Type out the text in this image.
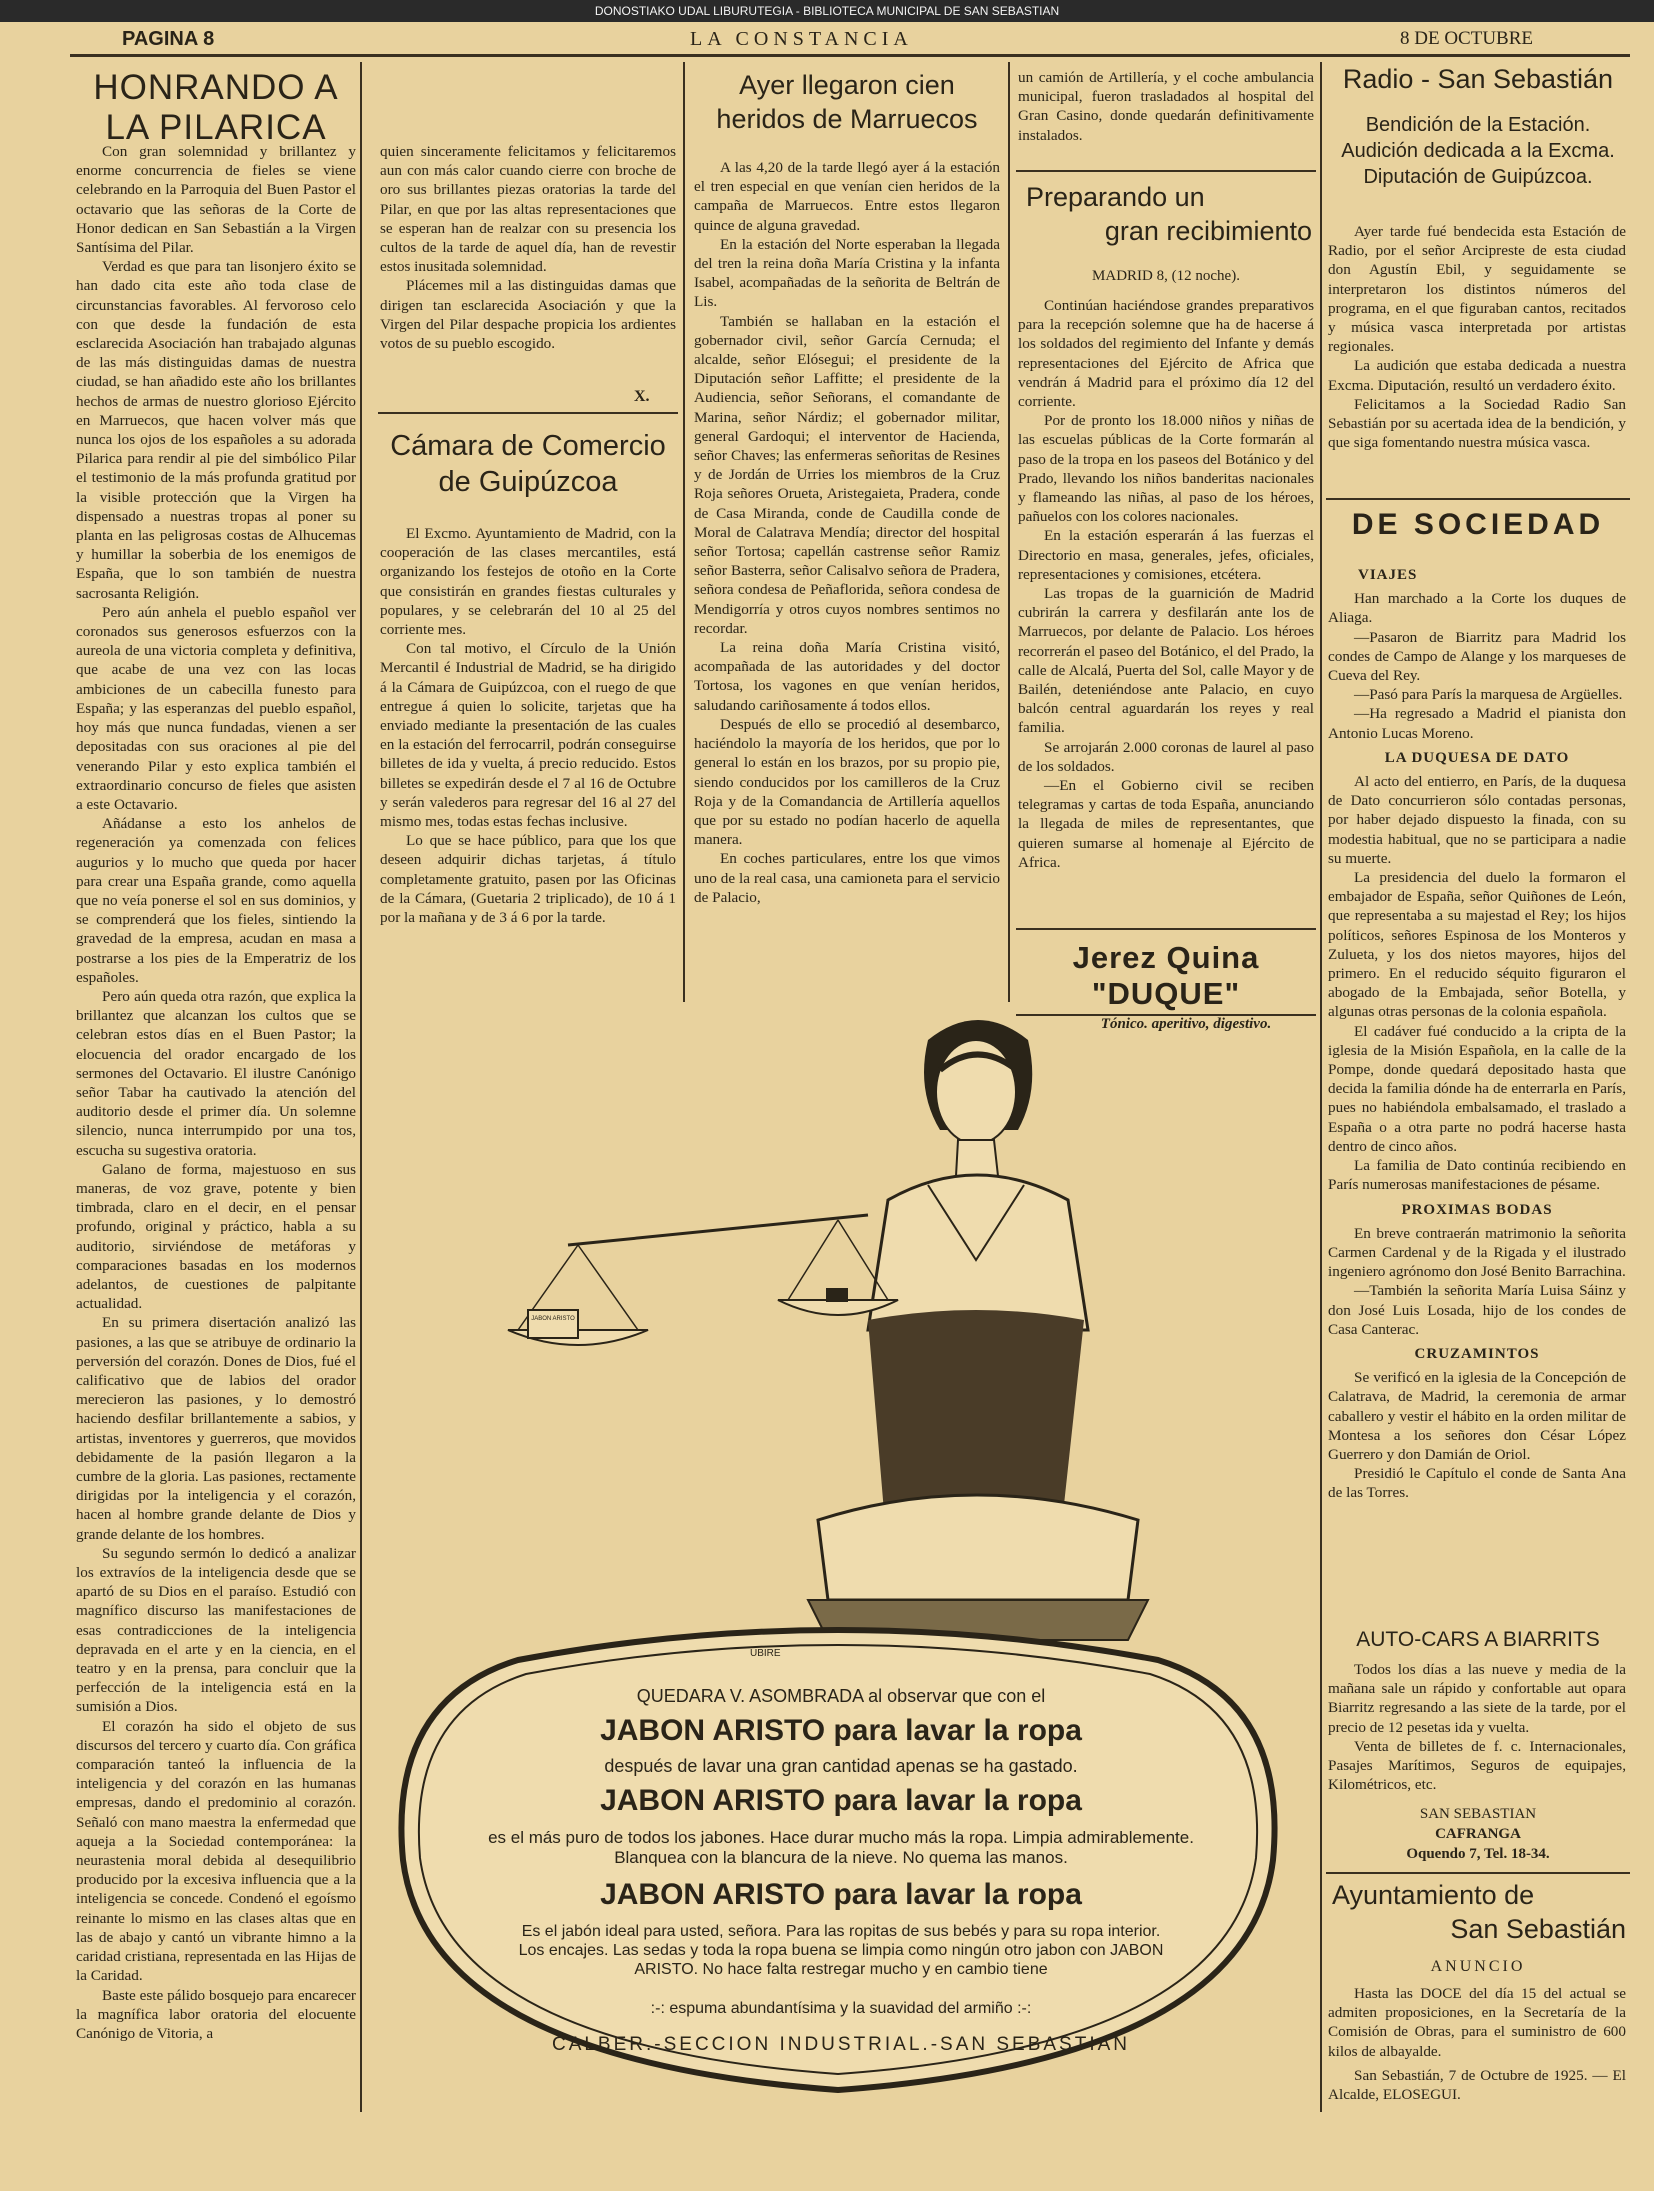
DONOSTIAKO UDAL LIBURUTEGIA - BIBLIOTECA MUNICIPAL DE SAN SEBASTIAN
PAGINA 8	LA CONSTANCIA	8 DE OCTUBRE
HONRANDO A LA PILARICA

Con gran solemnidad y brillantez y enorme concurrencia de fieles se viene celebrando en la Parroquia del Buen Pastor el octavario que las señoras de la Corte de Honor dedican en San Sebastián a la Virgen Santísima del Pilar.

Verdad es que para tan lisonjero éxito se han dado cita este año toda clase de circunstancias favorables. Al fervoroso celo con que desde la fundación de esta esclarecida Asociación han trabajado algunas de las más distinguidas damas de nuestra ciudad, se han añadido este año los brillantes hechos de armas de nuestro glorioso Ejército en Marruecos, que hacen volver más que nunca los ojos de los españoles a su adorada Pilarica para rendir al pie del simbólico Pilar el testimonio de la más profunda gratitud por la visible protección que la Virgen ha dispensado a nuestras tropas al poner su planta en las peligrosas costas de Alhucemas y humillar la soberbia de los enemigos de España, que lo son también de nuestra sacrosanta Religión.

Pero aún anhela el pueblo español ver coronados sus generosos esfuerzos con la aureola de una victoria completa y definitiva, que acabe de una vez con las locas ambiciones de un cabecilla funesto para España; y las esperanzas del pueblo español, hoy más que nunca fundadas, vienen a ser depositadas con sus oraciones al pie del venerando Pilar y esto explica también el extraordinario concurso de fieles que asisten a este Octavario.

Añádanse a esto los anhelos de regeneración ya comenzada con felices augurios y lo mucho que queda por hacer para crear una España grande, como aquella que no veía ponerse el sol en sus dominios, y se comprenderá que los fieles, sintiendo la gravedad de la empresa, acudan en masa a postrarse a los pies de la Emperatriz de los españoles.

Pero aún queda otra razón, que explica la brillantez que alcanzan los cultos que se celebran estos días en el Buen Pastor; la elocuencia del orador encargado de los sermones del Octavario. El ilustre Canónigo señor Tabar ha cautivado la atención del auditorio desde el primer día. Un solemne silencio, nunca interrumpido por una tos, escucha su sugestiva oratoria.

Galano de forma, majestuoso en sus maneras, de voz grave, potente y bien timbrada, claro en el decir, en el pensar profundo, original y práctico, habla a su auditorio, sirviéndose de metáforas y comparaciones basadas en los modernos adelantos, de cuestiones de palpitante actualidad.

En su primera disertación analizó las pasiones, a las que se atribuye de ordinario la perversión del corazón. Dones de Dios, fué el calificativo que de labios del orador merecieron las pasiones, y lo demostró haciendo desfilar brillantemente a sabios, y artistas, inventores y guerreros, que movidos debidamente de la pasión llegaron a la cumbre de la gloria. Las pasiones, rectamente dirigidas por la inteligencia y el corazón, hacen al hombre grande delante de Dios y grande delante de los hombres.

Su segundo sermón lo dedicó a analizar los extravíos de la inteligencia desde que se apartó de su Dios en el paraíso. Estudió con magnífico discurso las manifestaciones de esas contradicciones de la inteligencia depravada en el arte y en la ciencia, en el teatro y en la prensa, para concluir que la perfección de la inteligencia está en la sumisión a Dios.

El corazón ha sido el objeto de sus discursos del tercero y cuarto día. Con gráfica comparación tanteó la influencia de la inteligencia y del corazón en las humanas empresas, dando el predominio al corazón. Señaló con mano maestra la enfermedad que aqueja a la Sociedad contemporánea: la neurastenia moral debida al desequilibrio producido por la excesiva influencia que a la inteligencia se concede. Condenó el egoísmo reinante lo mismo en las clases altas que en las de abajo y cantó un vibrante himno a la caridad cristiana, representada en las Hijas de la Caridad.

Baste este pálido bosquejo para encarecer la magnífica labor oratoria del elocuente Canónigo de Vitoria, a

quien sinceramente felicitamos y felicitaremos aun con más calor cuando cierre con broche de oro sus brillantes piezas oratorias la tarde del Pilar, en que por las altas representaciones que se esperan han de realzar con su presencia los cultos de la tarde de aquel día, han de revestir estos inusitada solemnidad.

Plácemes mil a las distinguidas damas que dirigen tan esclarecida Asociación y que la Virgen del Pilar despache propicia los ardientes votos de su pueblo escogido.

X.
Cámara de Comercio de Guipúzcoa

El Excmo. Ayuntamiento de Madrid, con la cooperación de las clases mercantiles, está organizando los festejos de otoño en la Corte que consistirán en grandes fiestas culturales y populares, y se celebrarán del 10 al 25 del corriente mes.

Con tal motivo, el Círculo de la Unión Mercantil é Industrial de Madrid, se ha dirigido á la Cámara de Guipúzcoa, con el ruego de que entregue á quien lo solicite, tarjetas que ha enviado mediante la presentación de las cuales en la estación del ferrocarril, podrán conseguirse billetes de ida y vuelta, á precio reducido. Estos billetes se expedirán desde el 7 al 16 de Octubre y serán valederos para regresar del 16 al 27 del mismo mes, todas estas fechas inclusive.

Lo que se hace público, para que los que deseen adquirir dichas tarjetas, á título completamente gratuito, pasen por las Oficinas de la Cámara, (Guetaria 2 triplicado), de 10 á 1 por la mañana y de 3 á 6 por la tarde.

Ayer llegaron cien heridos de Marruecos

A las 4,20 de la tarde llegó ayer á la estación el tren especial en que venían cien heridos de la campaña de Marruecos. Entre estos llegaron quince de alguna gravedad.

En la estación del Norte esperaban la llegada del tren la reina doña María Cristina y la infanta Isabel, acompañadas de la señorita de Beltrán de Lis.

También se hallaban en la estación el gobernador civil, señor García Cernuda; el alcalde, señor Elósegui; el presidente de la Diputación señor Laffitte; el presidente de la Audiencia, señor Señorans, el comandante de Marina, señor Nárdiz; el gobernador militar, general Gardoqui; el interventor de Hacienda, señor Chaves; las enfermeras señoritas de Resines y de Jordán de Urries los miembros de la Cruz Roja señores Orueta, Aristegaieta, Pradera, conde de Casa Miranda, conde de Caudilla conde de Moral de Calatrava Mendía; director del hospital señor Tortosa; capellán castrense señor Ramiz señor Basterra, señor Calisalvo señora de Pradera, señora condesa de Peñaflorida, señora condesa de Mendigorría y otros cuyos nombres sentimos no recordar.

La reina doña María Cristina visitó, acompañada de las autoridades y del doctor Tortosa, los vagones en que venían heridos, saludando cariñosamente á todos ellos.

Después de ello se procedió al desembarco, haciéndolo la mayoría de los heridos, que por lo general lo están en los brazos, por su propio pie, siendo conducidos por los camilleros de la Cruz Roja y de la Comandancia de Artillería aquellos que por su estado no podían hacerlo de aquella manera.

En coches particulares, entre los que vimos uno de la real casa, una camioneta para el servicio de Palacio,

un camión de Artillería, y el coche ambulancia municipal, fueron trasladados al hospital del Gran Casino, donde quedarán definitivamente instalados.

Preparando un
gran recibimiento
MADRID 8, (12 noche).

Continúan haciéndose grandes preparativos para la recepción solemne que ha de hacerse á los soldados del regimiento del Infante y demás representaciones del Ejército de Africa que vendrán á Madrid para el próximo día 12 del corriente.

Por de pronto los 18.000 niños y niñas de las escuelas públicas de la Corte formarán al paso de la tropa en los paseos del Botánico y del Prado, llevando los niños banderitas nacionales y flameando las niñas, al paso de los héroes, pañuelos con los colores nacionales.

En la estación esperarán á las fuerzas el Directorio en masa, generales, jefes, oficiales, representaciones y comisiones, etcétera.

Las tropas de la guarnición de Madrid cubrirán la carrera y desfilarán ante los de Marruecos, por delante de Palacio. Los héroes recorrerán el paseo del Botánico, el del Prado, la calle de Alcalá, Puerta del Sol, calle Mayor y de Bailén, deteniéndose ante Palacio, en cuyo balcón central aguardarán los reyes y real familia.

Se arrojarán 2.000 coronas de laurel al paso de los soldados.

—En el Gobierno civil se reciben telegramas y cartas de toda España, anunciando la llegada de miles de representantes, que quieren sumarse al homenaje al Ejército de Africa.

Jerez Quina "DUQUE"
Tónico. aperitivo, digestivo.
Radio - San Sebastián
Bendición de la Estación. Audición dedicada a la Excma. Diputación de Guipúzcoa.

Ayer tarde fué bendecida esta Estación de Radio, por el señor Arcipreste de esta ciudad don Agustín Ebil, y seguidamente se interpretaron los distintos números del programa, en el que figuraban cantos, recitados y música vasca interpretada por artistas regionales.

La audición que estaba dedicada a nuestra Excma. Diputación, resultó un verdadero éxito.

Felicitamos a la Sociedad Radio San Sebastián por su acertada idea de la bendición, y que siga fomentando nuestra música vasca.

DE SOCIEDAD
VIAJES

Han marchado a la Corte los duques de Aliaga.

—Pasaron de Biarritz para Madrid los condes de Campo de Alange y los marqueses de Cueva del Rey.

—Pasó para París la marquesa de Argüelles.

—Ha regresado a Madrid el pianista don Antonio Lucas Moreno.

LA DUQUESA DE DATO

Al acto del entierro, en París, de la duquesa de Dato concurrieron sólo contadas personas, por haber dejado dispuesto la finada, con su modestia habitual, que no se participara a nadie su muerte.

La presidencia del duelo la formaron el embajador de España, señor Quiñones de León, que representaba a su majestad el Rey; los hijos políticos, señores Espinosa de los Monteros y Zulueta, y los dos nietos mayores, hijos del primero. En el reducido séquito figuraron el abogado de la Embajada, señor Botella, y algunas otras personas de la colonia española.

El cadáver fué conducido a la cripta de la iglesia de la Misión Española, en la calle de la Pompe, donde quedará depositado hasta que decida la familia dónde ha de enterrarla en París, pues no habiéndola embalsamado, el traslado a España o a otra parte no podrá hacerse hasta dentro de cinco años.

La familia de Dato continúa recibiendo en París numerosas manifestaciones de pésame.

PROXIMAS BODAS

En breve contraerán matrimonio la señorita Carmen Cardenal y de la Rigada y el ilustrado ingeniero agrónomo don José Benito Barrachina.

—También la señorita María Luisa Sáinz y don José Luis Losada, hijo de los condes de Casa Canterac.

CRUZAMINTOS

Se verificó en la iglesia de la Concepción de Calatrava, de Madrid, la ceremonia de armar caballero y vestir el hábito en la orden militar de Montesa a los señores don César López Guerrero y don Damián de Oriol.

Presidió le Capítulo el conde de Santa Ana de las Torres.

AUTO-CARS A BIARRITS

Todos los días a las nueve y media de la mañana sale un rápido y confortable aut opara Biarritz regresando a las siete de la tarde, por el precio de 12 pesetas ida y vuelta.

Venta de billetes de f. c. Internacionales, Pasajes Marítimos, Seguros de equipajes, Kilométricos, etc.

SAN SEBASTIAN
CAFRANGA
Oquendo 7, Tel. 18-34.
Ayuntamiento de
San Sebastián
ANUNCIO

Hasta las DOCE del día 15 del actual se admiten proposiciones, en la Secretaría de la Comisión de Obras, para el suministro de 600 kilos de albayalde.

San Sebastián, 7 de Octubre de 1925. — El Alcalde, ELOSEGUI.

JABON ARISTO
UBIRE
QUEDARA V. ASOMBRADA al observar que con el
JABON ARISTO para lavar la ropa
después de lavar una gran cantidad apenas se ha gastado.
JABON ARISTO para lavar la ropa
es el más puro de todos los jabones. Hace durar mucho más la ropa. Limpia admirablemente. Blanquea con la blancura de la nieve. No quema las manos.
JABON ARISTO para lavar la ropa
Es el jabón ideal para usted, señora. Para las ropitas de sus bebés y para su ropa interior. Los encajes. Las sedas y toda la ropa buena se limpia como ningún otro jabon con JABON ARISTO. No hace falta restregar mucho y en cambio tiene
:-: espuma abundantísima y la suavidad del armiño :-:
CALBER.-SECCION INDUSTRIAL.-SAN SEBASTIAN
